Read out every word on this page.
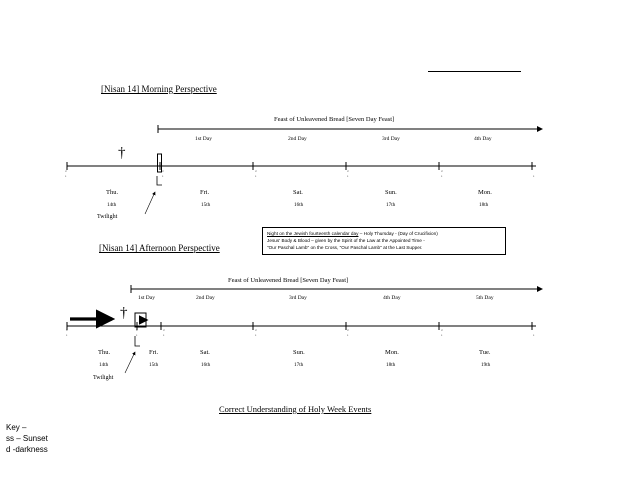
[Nisan 14] Morning Perspective
Feast of Unleavened Bread [Seven Day Feast]
1st Day	2nd Day	3rd Day	4th Day
†
Thu.	Fri.	Sat.	Sun.	Mon.
14th	15th	16th	17th	18th
Twilight
d
s
d
s
d
s
d
s
d
s	s
Night on the Jewish fourteenth calendar day – Holy Thursday - (Day of Crucifixion)
Jesus' Body & Blood – given by the Spirit of the Law at the Appointed Time -
"Our Paschal Lamb" on the Cross, "Our Paschal Lamb" at the Last Supper.
[Nisan 14] Afternoon Perspective
Feast of Unleavened Bread [Seven Day Feast]
1st Day	2nd Day	3rd Day	4th Day	5th Day
†
Thu.	Fri.	Sat.	Sun.	Mon.	Tue.
14th	15th	16th	17th	18th	19th
Twilight
d
s
d
s
d
s
d
s
d
s
d
s	s
Correct Understanding of Holy Week Events
Key –
ss – Sunset
d -darkness
